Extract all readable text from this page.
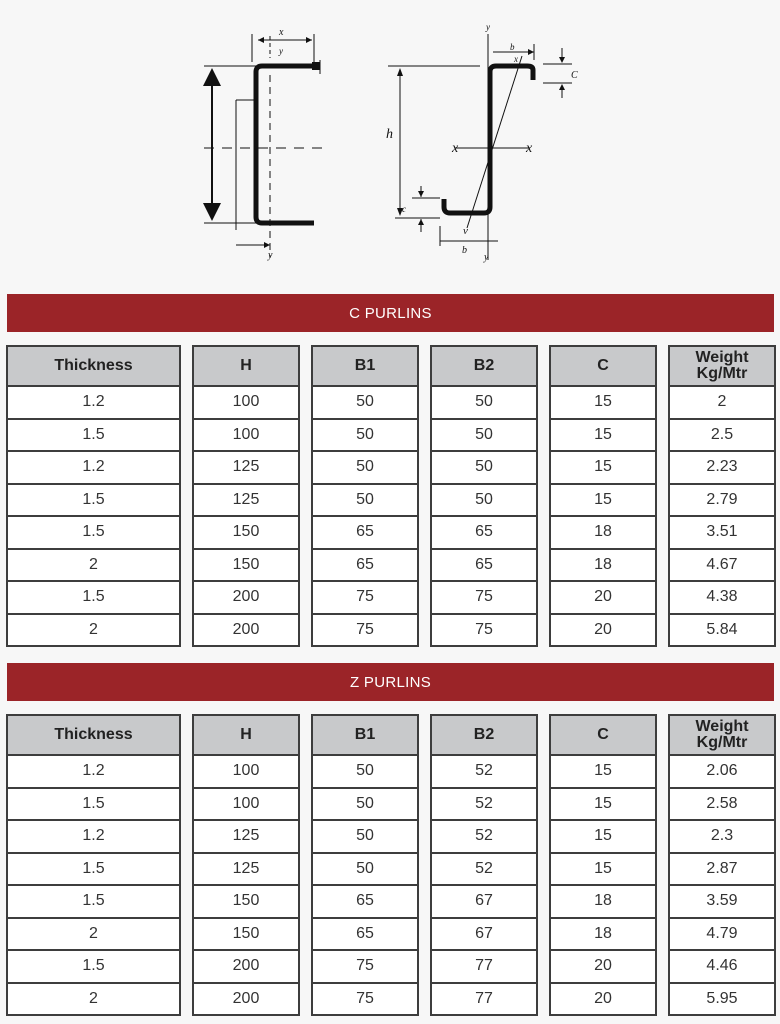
x
y
y
y
b
x
C
h
x	x
c
v
b
y
C PURLINS
Thickness
1.2
1.5
1.2
1.5
1.5
2
1.5
2
H
100
100
125
125
150
150
200
200
B1
50
50
50
50
65
65
75
75
B2
50
50
50
50
65
65
75
75
C
15
15
15
15
18
18
20
20
Weight
Kg/Mtr
2
2.5
2.23
2.79
3.51
4.67
4.38
5.84
Z PURLINS
Thickness
1.2
1.5
1.2
1.5
1.5
2
1.5
2
H
100
100
125
125
150
150
200
200
B1
50
50
50
50
65
65
75
75
B2
52
52
52
52
67
67
77
77
C
15
15
15
15
18
18
20
20
Weight
Kg/Mtr
2.06
2.58
2.3
2.87
3.59
4.79
4.46
5.95
